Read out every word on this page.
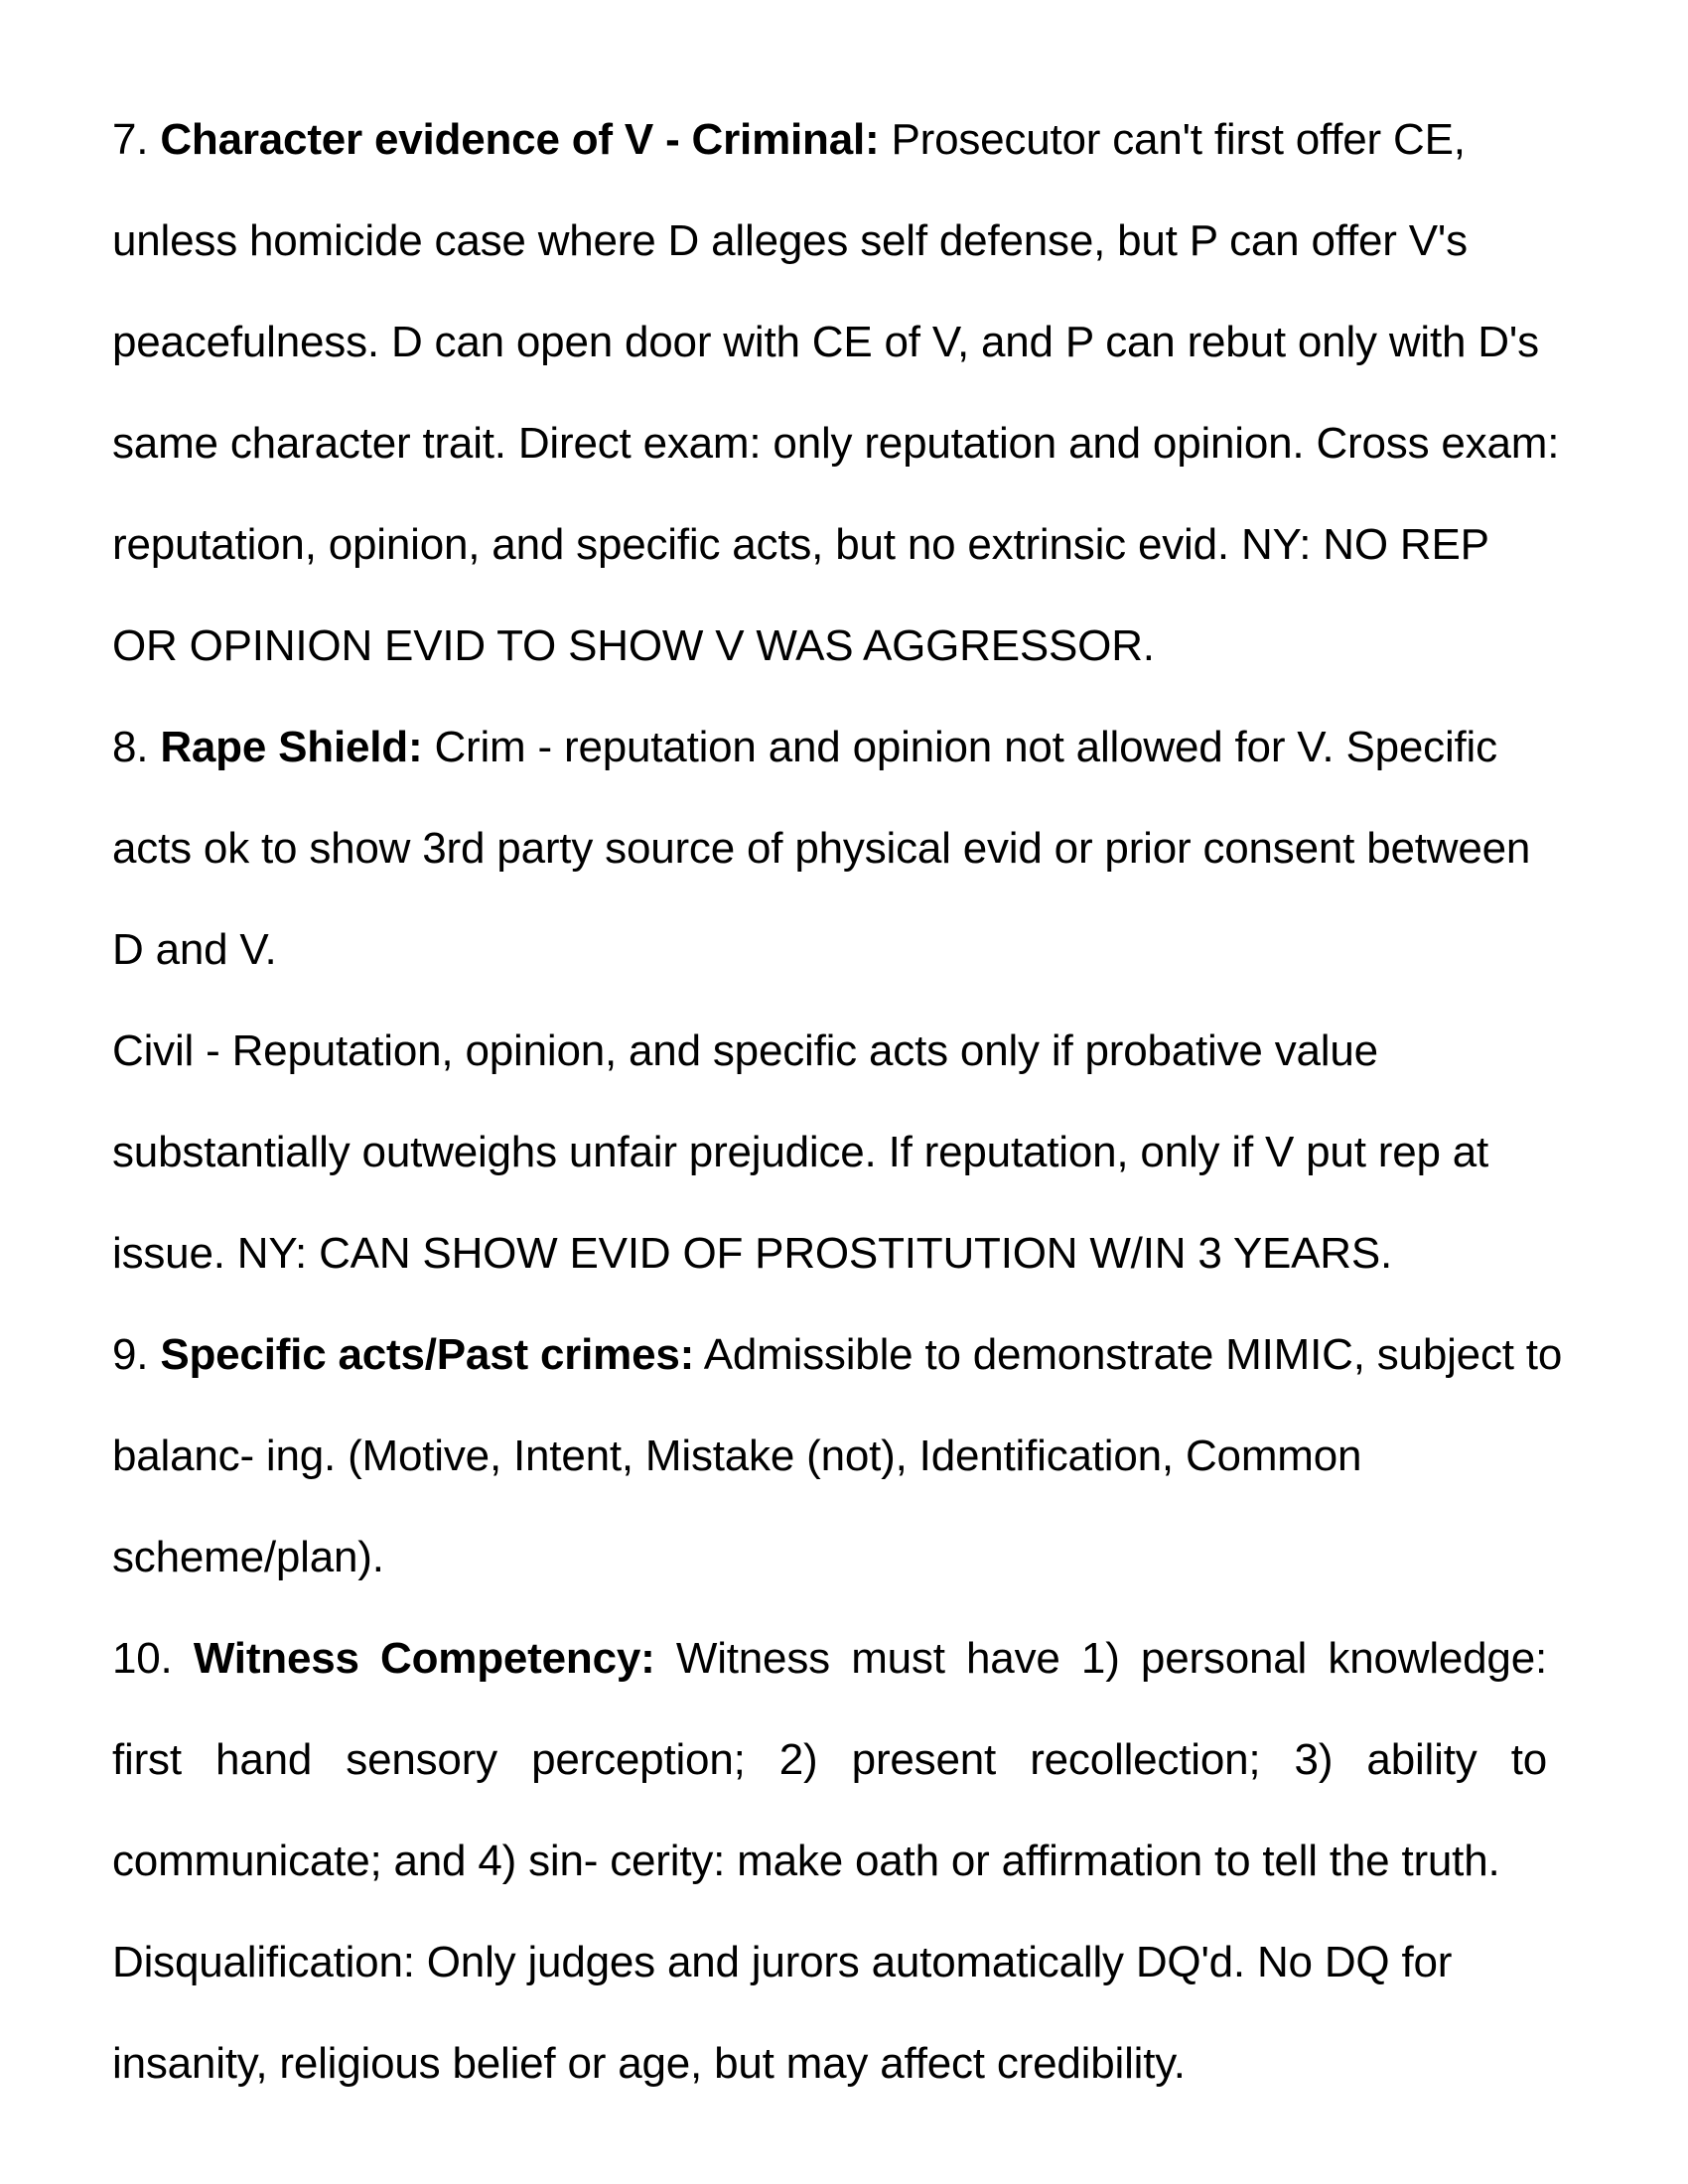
7. Character evidence of V - Criminal: Prosecutor can't first offer CE,
unless homicide case where D alleges self defense, but P can offer V's
peacefulness. D can open door with CE of V, and P can rebut only with D's
same character trait. Direct exam: only reputation and opinion. Cross exam:
reputation, opinion, and specific acts, but no extrinsic evid. NY: NO REP
OR OPINION EVID TO SHOW V WAS AGGRESSOR.
8. Rape Shield: Crim - reputation and opinion not allowed for V. Specific
acts ok to show 3rd party source of physical evid or prior consent between
D and V.
Civil - Reputation, opinion, and specific acts only if probative value
substantially outweighs unfair prejudice. If reputation, only if V put rep at
issue. NY: CAN SHOW EVID OF PROSTITUTION W/IN 3 YEARS.
9. Specific acts/Past crimes: Admissible to demonstrate MIMIC, subject to
balanc- ing. (Motive, Intent, Mistake (not), Identification, Common
scheme/plan).
10. Witness Competency: Witness must have 1) personal knowledge:
first hand sensory perception; 2) present recollection; 3) ability to
communicate; and 4) sin- cerity: make oath or affirmation to tell the truth.
Disqualification: Only judges and jurors automatically DQ'd. No DQ for
insanity, religious belief or age, but may affect credibility.
